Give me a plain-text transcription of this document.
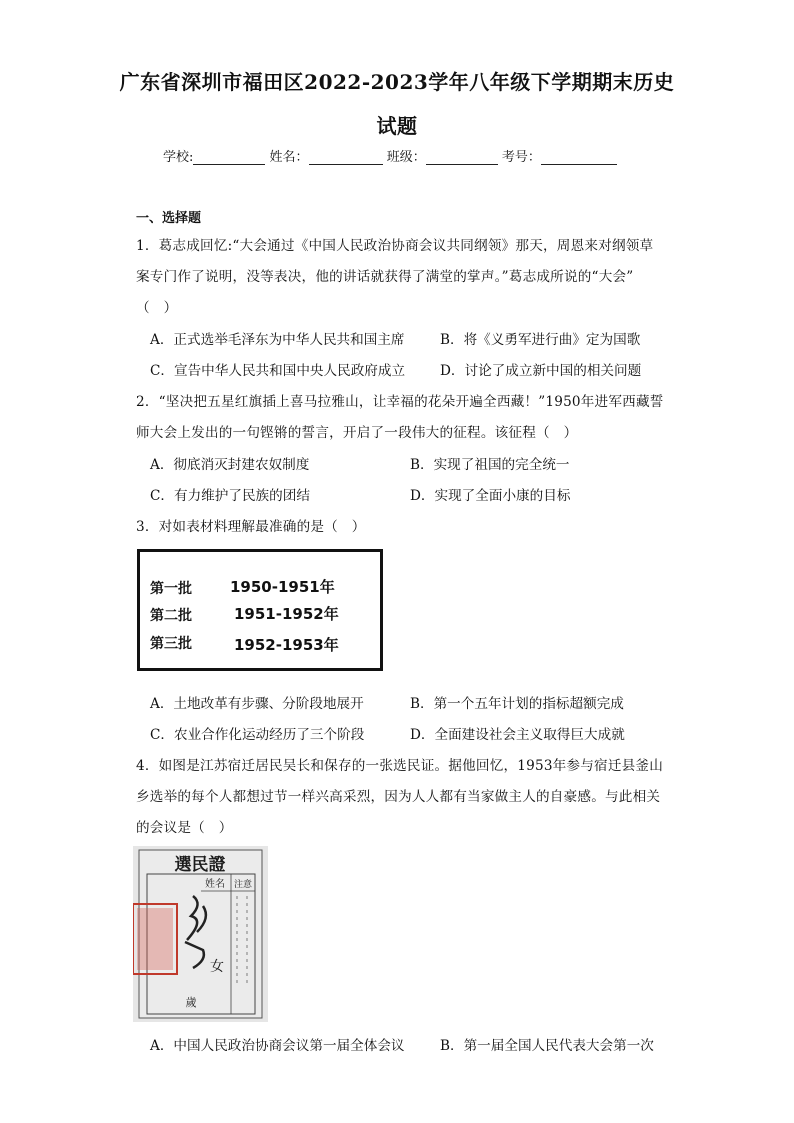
广东省深圳市福田区2022-2023学年八年级下学期期末历史
试题
学校:	姓名：	班级：	考号：
一、选择题
1．葛志成回忆:“大会通过《中国人民政治协商会议共同纲领》那天，周恩来对纲领草
案专门作了说明，没等表决，他的讲话就获得了满堂的掌声。”葛志成所说的“大会”
（　）
A．正式选举毛泽东为中华人民共和国主席	B．将《义勇军进行曲》定为国歌
C．宣告中华人民共和国中央人民政府成立	D．讨论了成立新中国的相关问题
2．“坚决把五星红旗插上喜马拉雅山，让幸福的花朵开遍全西藏！”1950年进军西藏誓
师大会上发出的一句铿锵的誓言，开启了一段伟大的征程。该征程（　）
A．彻底消灭封建农奴制度	B．实现了祖国的完全统一
C．有力维护了民族的团结	D．实现了全面小康的目标
3．对如表材料理解最准确的是（　）
第一批	1950-1951年
第二批	1951-1952年
第三批	1952-1953年
A．土地改革有步骤、分阶段地展开	B．第一个五年计划的指标超额完成
C．农业合作化运动经历了三个阶段	D．全面建设社会主义取得巨大成就
4．如图是江苏宿迁居民吴长和保存的一张选民证。据他回忆，1953年参与宿迁县釜山
乡选举的每个人都想过节一样兴高采烈，因为人人都有当家做主人的自豪感。与此相关
的会议是（　）
選民證
姓名 注意
女
歲
A．中国人民政治协商会议第一届全体会议	B．第一届全国人民代表大会第一次
